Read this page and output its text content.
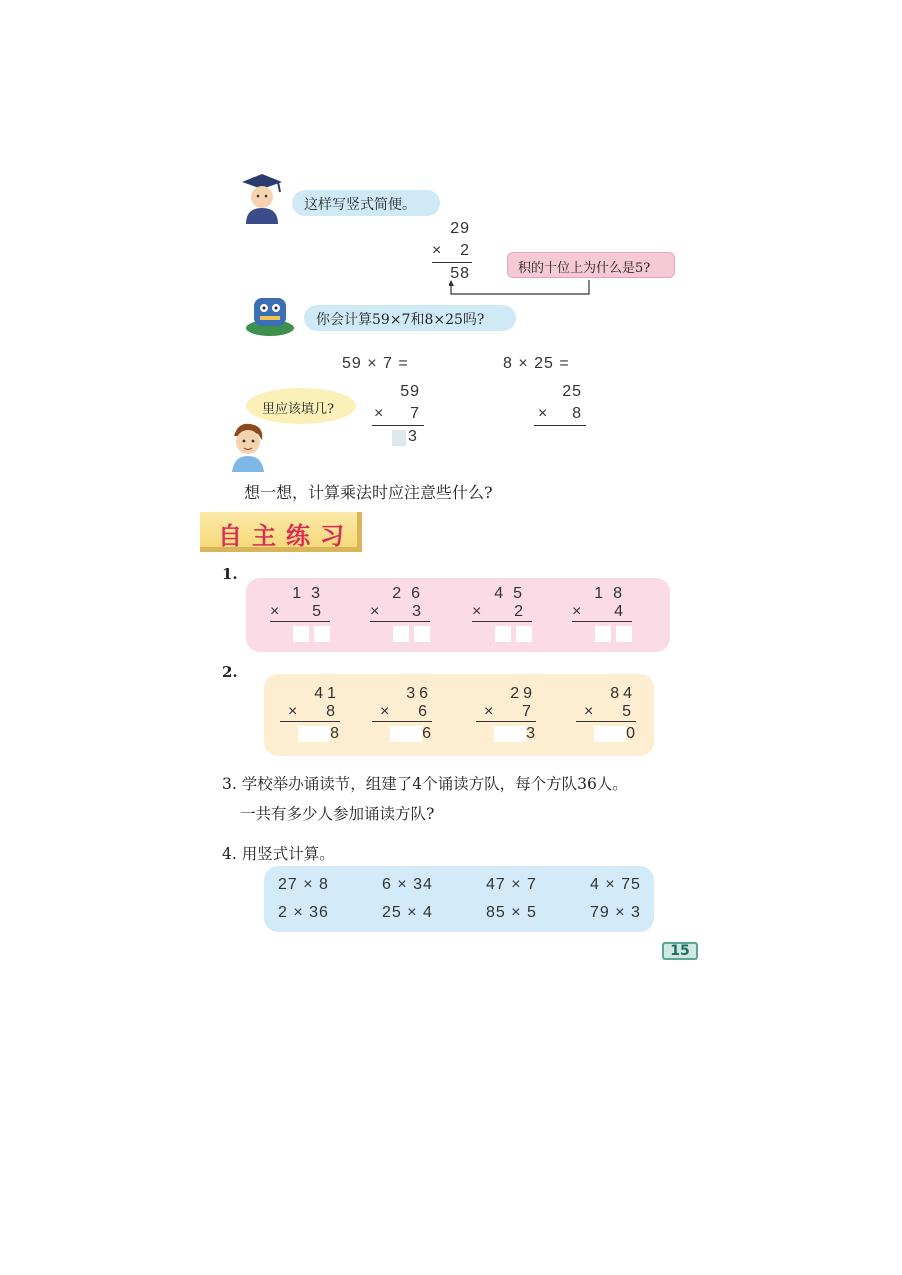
这样写竖式简便。
29
×	2
58	积的十位上为什么是5?
你会计算59×7和8×25吗?
59 × 7 =	8 × 25 =
59
×	7
3
25
×	8
里应该填几?
想一想，计算乘法时应注意些什么?
自主练习
1.
13
× 5

26
× 3

45
× 2

18
× 4

2.
41
× 8
8
36
× 6
6
29
× 7
3
84
× 5
0
3. 学校举办诵读节，组建了4个诵读方队，每个方队36人。
一共有多少人参加诵读方队?
4. 用竖式计算。
27 × 8	6 × 34	47 × 7	4 × 75
2 × 36	25 × 4	85 × 5	79 × 3
15
